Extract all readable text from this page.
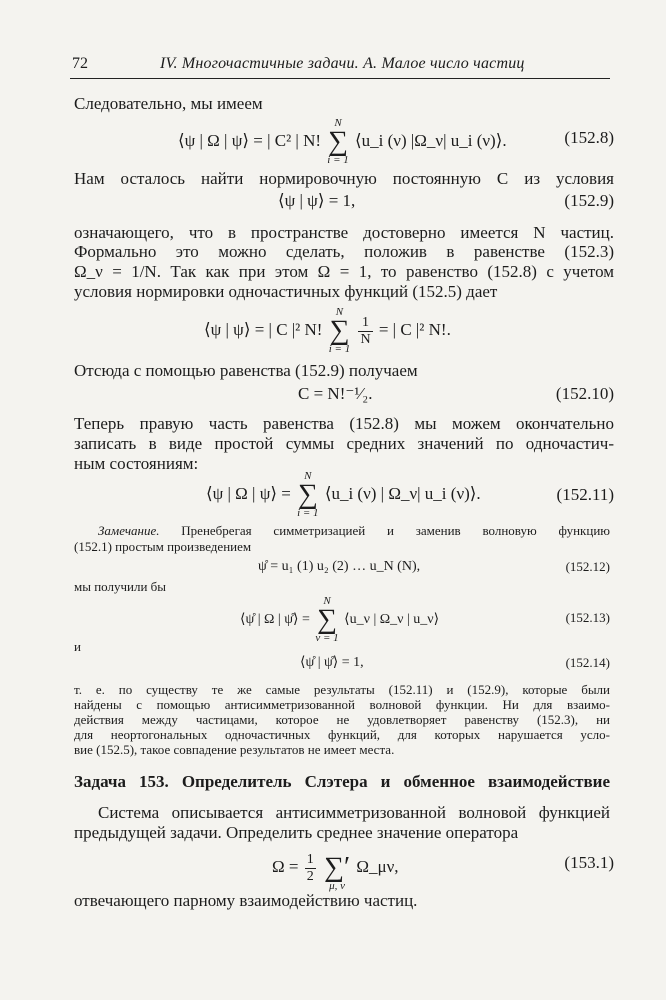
72	IV. Многочастичные задачи. А. Малое число частиц
Следовательно, мы имеем
⟨ψ | Ω | ψ⟩ = | C² | N!
N
∑
i = 1
⟨u_i (ν) |Ω_ν| u_i (ν)⟩.	(152.8)
Нам осталось найти нормировочную постоянную C из условия
⟨ψ | ψ⟩ = 1,	(152.9)
означающего, что в пространстве достоверно имеется N частиц.
Формально это можно сделать, положив в равенстве (152.3)
Ω_ν = 1/N. Так как при этом Ω = 1, то равенство (152.8) с учетом
условия нормировки одночастичных функций (152.5) дает
⟨ψ | ψ⟩ = | C |² N!
N
∑
i = 1

$\frac{1}{N}$ = | C |² N!.
Отсюда с помощью равенства (152.9) получаем
C = N!⁻¹⁄₂.	(152.10)
Теперь правую часть равенства (152.8) мы можем окончательно
записать в виде простой суммы средних значений по одночастич-
ным состояниям:
⟨ψ | Ω | ψ⟩ =
N
∑
i = 1
⟨u_i (ν) | Ω_ν| u_i (ν)⟩.	(152.11)
Замечание. Пренебрегая симметризацией и заменив волновую функцию
(152.1) простым произведением
ψ̊ = u₁ (1) u₂ (2) … u_N (N),	(152.12)
мы получили бы
⟨ψ̊ | Ω | ψ̊⟩ =
N
∑
ν = 1
⟨u_ν | Ω_ν | u_ν⟩	(152.13)
и
⟨ψ̊ | ψ̊⟩ = 1,	(152.14)
т. е. по существу те же самые результаты (152.11) и (152.9), которые были
найдены с помощью антисимметризованной волновой функции. Ни для взаимо-
действия между частицами, которое не удовлетворяет равенству (152.3), ни
для неортогональных одночастичных функций, для которых нарушается усло-
вие (152.5), такое совпадение результатов не имеет места.
Задача 153. Определитель Слэтера и обменное взаимодействие
Система описывается антисимметризованной волновой функцией
предыдущей задачи. Определить среднее значение оператора
$\Omega = \frac{1}{2}$

∑′
μ, ν
Ω_μν,	(153.1)
отвечающего парному взаимодействию частиц.
